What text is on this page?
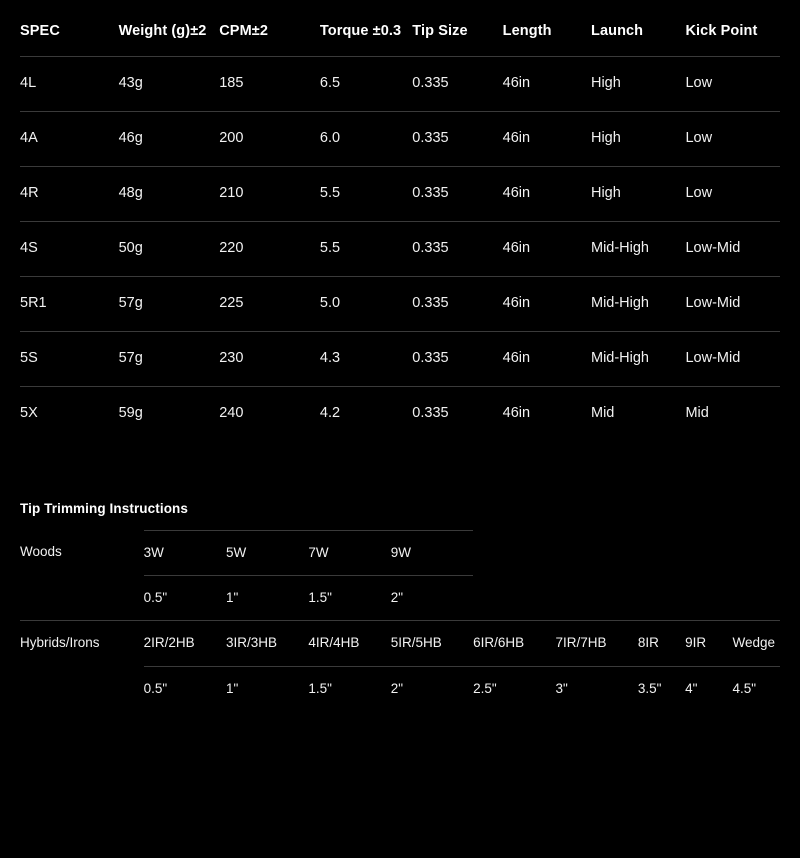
SPEC	Weight (g)±2	CPM±2	Torque ±0.3	Tip Size	Length	Launch	Kick Point
4L	43g	185	6.5	0.335	46in	High	Low
4A	46g	200	6.0	0.335	46in	High	Low
4R	48g	210	5.5	0.335	46in	High	Low
4S	50g	220	5.5	0.335	46in	Mid-High	Low-Mid
5R1	57g	225	5.0	0.335	46in	Mid-High	Low-Mid
5S	57g	230	4.3	0.335	46in	Mid-High	Low-Mid
5X	59g	240	4.2	0.335	46in	Mid	Mid
Tip Trimming Instructions
Woods	3W	5W	7W	9W					
	0.5"	1"	1.5"	2"					
Hybrids/Irons	2IR/2HB	3IR/3HB	4IR/4HB	5IR/5HB	6IR/6HB	7IR/7HB	8IR	9IR	Wedge
	0.5"	1"	1.5"	2"	2.5"	3"	3.5"	4"	4.5"
